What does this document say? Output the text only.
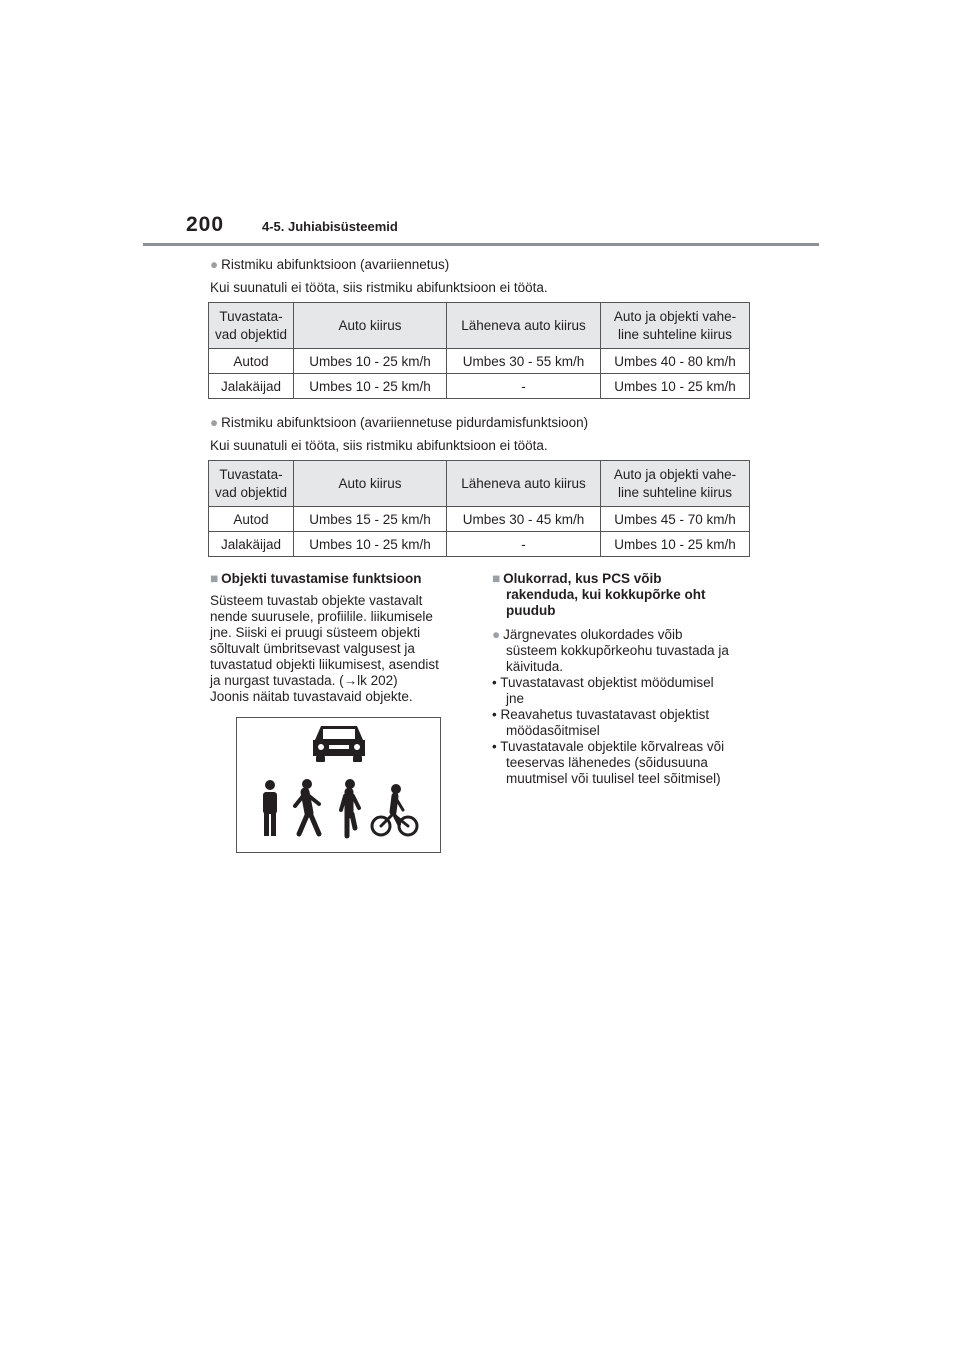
200	4-5. Juhiabisüsteemid

● Ristmiku abifunktsioon (avariiennetus)

Kui suunatuli ei tööta, siis ristmiku abifunktsioon ei tööta.

Tuvastata-
vad objektid	Auto kiirus	Läheneva auto kiirus	Auto ja objekti vahe-
line suhteline kiirus
Autod	Umbes 10 - 25 km/h	Umbes 30 - 55 km/h	Umbes 40 - 80 km/h
Jalakäijad	Umbes 10 - 25 km/h	-	Umbes 10 - 25 km/h

● Ristmiku abifunktsioon (avariiennetuse pidurdamisfunktsioon)

Kui suunatuli ei tööta, siis ristmiku abifunktsioon ei tööta.

Tuvastata-
vad objektid	Auto kiirus	Läheneva auto kiirus	Auto ja objekti vahe-
line suhteline kiirus
Autod	Umbes 15 - 25 km/h	Umbes 30 - 45 km/h	Umbes 45 - 70 km/h
Jalakäijad	Umbes 10 - 25 km/h	-	Umbes 10 - 25 km/h
■ Objekti tuvastamise funktsioon
Süsteem tuvastab objekte vastavalt
nende suurusele, profiilile. liikumisele
jne. Siiski ei pruugi süsteem objekti
sõltuvalt ümbritsevast valgusest ja
tuvastatud objekti liikumisest, asendist
ja nurgast tuvastada. (→lk 202)
Joonis näitab tuvastavaid objekte.
■ Olukorrad, kus PCS võib
rakenduda, kui kokkupõrke oht
puudub
● Järgnevates olukordades võib
süsteem kokkupõrkeohu tuvastada ja
käivituda.
• Tuvastatavast objektist möödumisel
jne
• Reavahetus tuvastatavast objektist
möödasõitmisel
• Tuvastatavale objektile kõrvalreas või
teeservas lähenedes (sõidusuuna
muutmisel või tuulisel teel sõitmisel)
